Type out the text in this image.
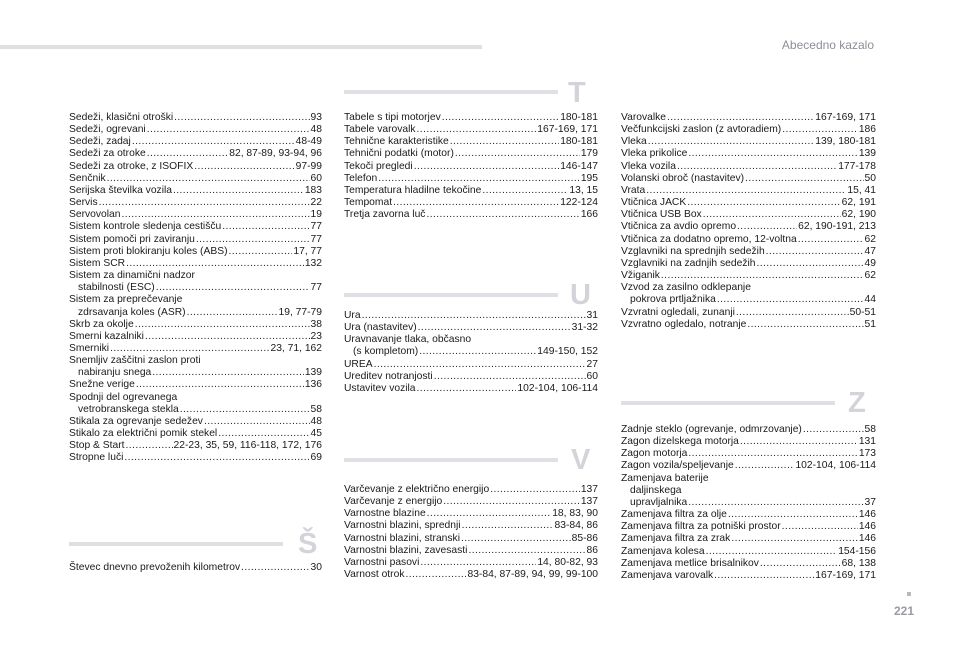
Abecedno kazalo
221
Š
T
U
V
Z
Sedeži, klasični otroški .....	93
Sedeži, ogrevani .....	48
Sedeži, zadaj .....	48-49
Sedeži za otroke .....	82, 87-89, 93-94, 96
Sedeži za otroke, z ISOFIX .....	97-99
Senčnik .....	60
Serijska številka vozila .....	183
Servis .....	22
Servovolan .....	19
Sistem kontrole sledenja cestišču .....	77
Sistem pomoči pri zaviranju .....	77
Sistem proti blokiranju koles (ABS) .....	17, 77
Sistem SCR .....	132
Sistem za dinamični nadzor
stabilnosti (ESC) .....	77
Sistem za preprečevanje
zdrsavanja koles (ASR) .....	19, 77-79
Skrb za okolje .....	38
Smerni kazalniki .....	23
Smerniki .....	23, 71, 162
Snemljiv zaščitni zaslon proti
nabiranju snega .....	139
Snežne verige .....	136
Spodnji del ogrevanega
vetrobranskega stekla .....	58
Stikala za ogrevanje sedežev .....	48
Stikalo za električni pomik stekel .....	45
Stop & Start .....	22-23, 35, 59, 116-118, 172, 176
Stropne luči .....	69
Števec dnevno prevoženih kilometrov .....	30
Tabele s tipi motorjev .....	180-181
Tabele varovalk .....	167-169, 171
Tehnične karakteristike .....	180-181
Tehnični podatki (motor) .....	179
Tekoči pregledi .....	146-147
Telefon .....	195
Temperatura hladilne tekočine .....	13, 15
Tempomat .....	122-124
Tretja zavorna luč .....	166
Ura .....	31
Ura (nastavitev) .....	31-32
Uravnavanje tlaka, občasno
(s kompletom) .....	149-150, 152
UREA .....	27
Ureditev notranjosti .....	60
Ustavitev vozila .....	102-104, 106-114
Varčevanje z električno energijo .....	137
Varčevanje z energijo .....	137
Varnostne blazine .....	18, 83, 90
Varnostni blazini, sprednji .....	83-84, 86
Varnostni blazini, stranski .....	85-86
Varnostni blazini, zavesasti .....	86
Varnostni pasovi .....	14, 80-82, 93
Varnost otrok .....	83-84, 87-89, 94, 99, 99-100
Varovalke .....	167-169, 171
Večfunkcijski zaslon (z avtoradiem) .....	186
Vleka .....	139, 180-181
Vleka prikolice .....	139
Vleka vozila .....	177-178
Volanski obroč (nastavitev) .....	50
Vrata .....	15, 41
Vtičnica JACK .....	62, 191
Vtičnica USB Box .....	62, 190
Vtičnica za avdio opremo .....	62, 190-191, 213
Vtičnica za dodatno opremo, 12-voltna .....	62
Vzglavniki na sprednjih sedežih .....	47
Vzglavniki na zadnjih sedežih .....	49
Vžiganik .....	62
Vzvod za zasilno odklepanje
pokrova prtljažnika .....	44
Vzvratni ogledali, zunanji .....	50-51
Vzvratno ogledalo, notranje .....	51
Zadnje steklo (ogrevanje, odmrzovanje) .....	58
Zagon dizelskega motorja .....	131
Zagon motorja .....	173
Zagon vozila/speljevanje .....	102-104, 106-114
Zamenjava baterije
daljinskega
upravljalnika .....	37
Zamenjava filtra za olje .....	146
Zamenjava filtra za potniški prostor .....	146
Zamenjava filtra za zrak .....	146
Zamenjava kolesa .....	154-156
Zamenjava metlice brisalnikov .....	68, 138
Zamenjava varovalk .....	167-169, 171
